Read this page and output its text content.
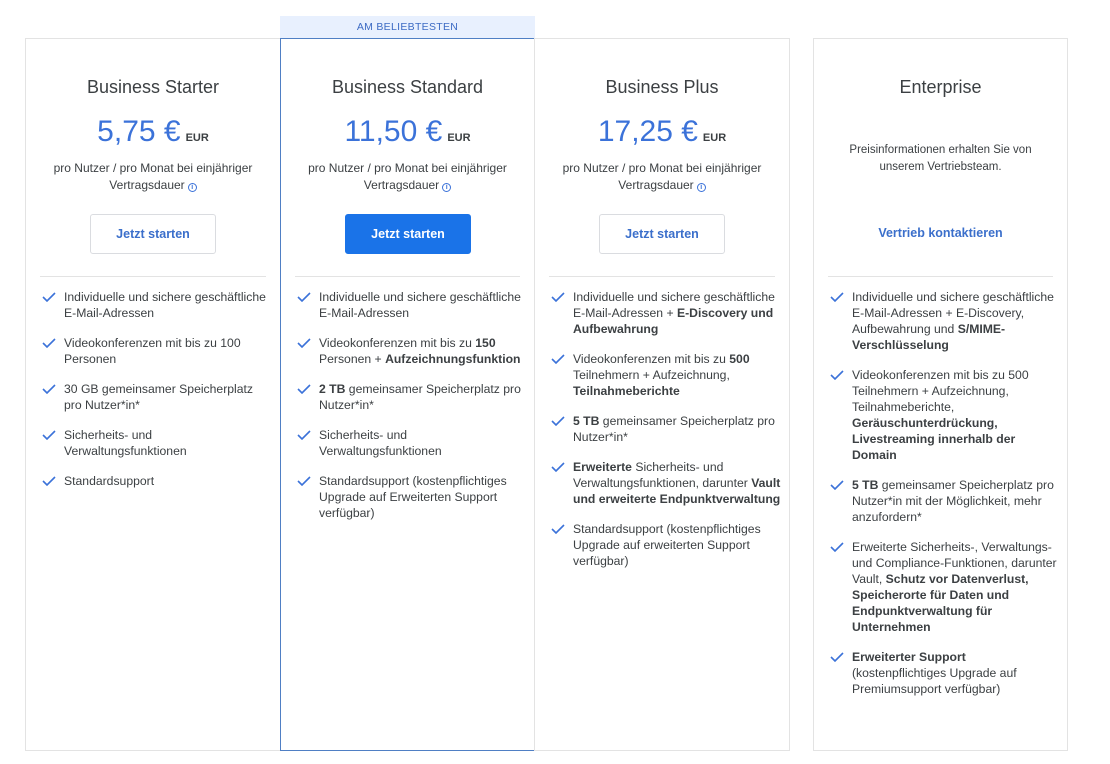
AM BELIEBTESTEN
Business Starter
5,75 € EUR
pro Nutzer / pro Monat bei einjähriger Vertragsdauer i
Jetzt starten
Individuelle und sichere geschäftliche E-Mail-Adressen
Videokonferenzen mit bis zu 100 Personen
30 GB gemeinsamer Speicherplatz pro Nutzer*in*
Sicherheits- und Verwaltungsfunktionen
Standardsupport
Business Standard
11,50 € EUR
pro Nutzer / pro Monat bei einjähriger Vertragsdauer i
Jetzt starten
Individuelle und sichere geschäftliche E-Mail-Adressen
Videokonferenzen mit bis zu 150 Personen + Aufzeichnungsfunktion
2 TB gemeinsamer Speicherplatz pro Nutzer*in*
Sicherheits- und Verwaltungsfunktionen
Standardsupport (kostenpflichtiges Upgrade auf Erweiterten Support verfügbar)
Business Plus
17,25 € EUR
pro Nutzer / pro Monat bei einjähriger Vertragsdauer i
Jetzt starten
Individuelle und sichere geschäftliche E-Mail-Adressen + E-Discovery und Aufbewahrung
Videokonferenzen mit bis zu 500 Teilnehmern + Aufzeichnung, Teilnahmeberichte
5 TB gemeinsamer Speicherplatz pro Nutzer*in*
Erweiterte Sicherheits- und Verwaltungsfunktionen, darunter Vault und erweiterte Endpunktverwaltung
Standardsupport (kostenpflichtiges Upgrade auf erweiterten Support verfügbar)
Enterprise
Preisinformationen erhalten Sie von unserem Vertriebsteam.
Vertrieb kontaktieren
Individuelle und sichere geschäftliche E-Mail-Adressen + E-Discovery, Aufbewahrung und S/MIME-Verschlüsselung
Videokonferenzen mit bis zu 500 Teilnehmern + Aufzeichnung, Teilnahmeberichte, Geräuschunterdrückung, Livestreaming innerhalb der Domain
5 TB gemeinsamer Speicherplatz pro Nutzer*in mit der Möglichkeit, mehr anzufordern*
Erweiterte Sicherheits-, Verwaltungs- und Compliance-Funktionen, darunter Vault, Schutz vor Datenverlust, Speicherorte für Daten und Endpunktverwaltung für Unternehmen
Erweiterter Support (kostenpflichtiges Upgrade auf Premiumsupport verfügbar)
